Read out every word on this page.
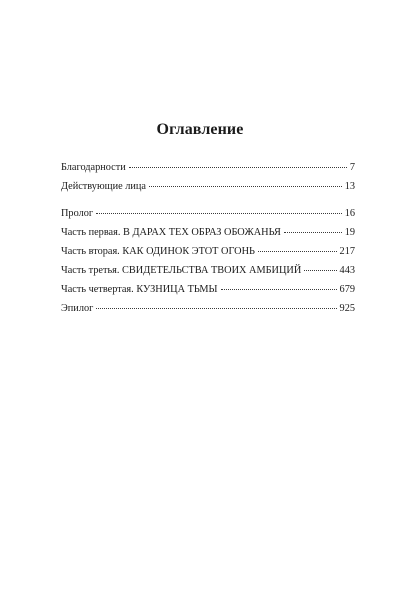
Оглавление
Благодарности	7
Действующие лица	13
Пролог	16
Часть первая. В ДАРАХ ТЕХ ОБРАЗ ОБОЖАНЬЯ	19
Часть вторая. КАК ОДИНОК ЭТОТ ОГОНЬ	217
Часть третья. СВИДЕТЕЛЬСТВА ТВОИХ АМБИЦИЙ	443
Часть четвертая. КУЗНИЦА ТЬМЫ	679
Эпилог	925
